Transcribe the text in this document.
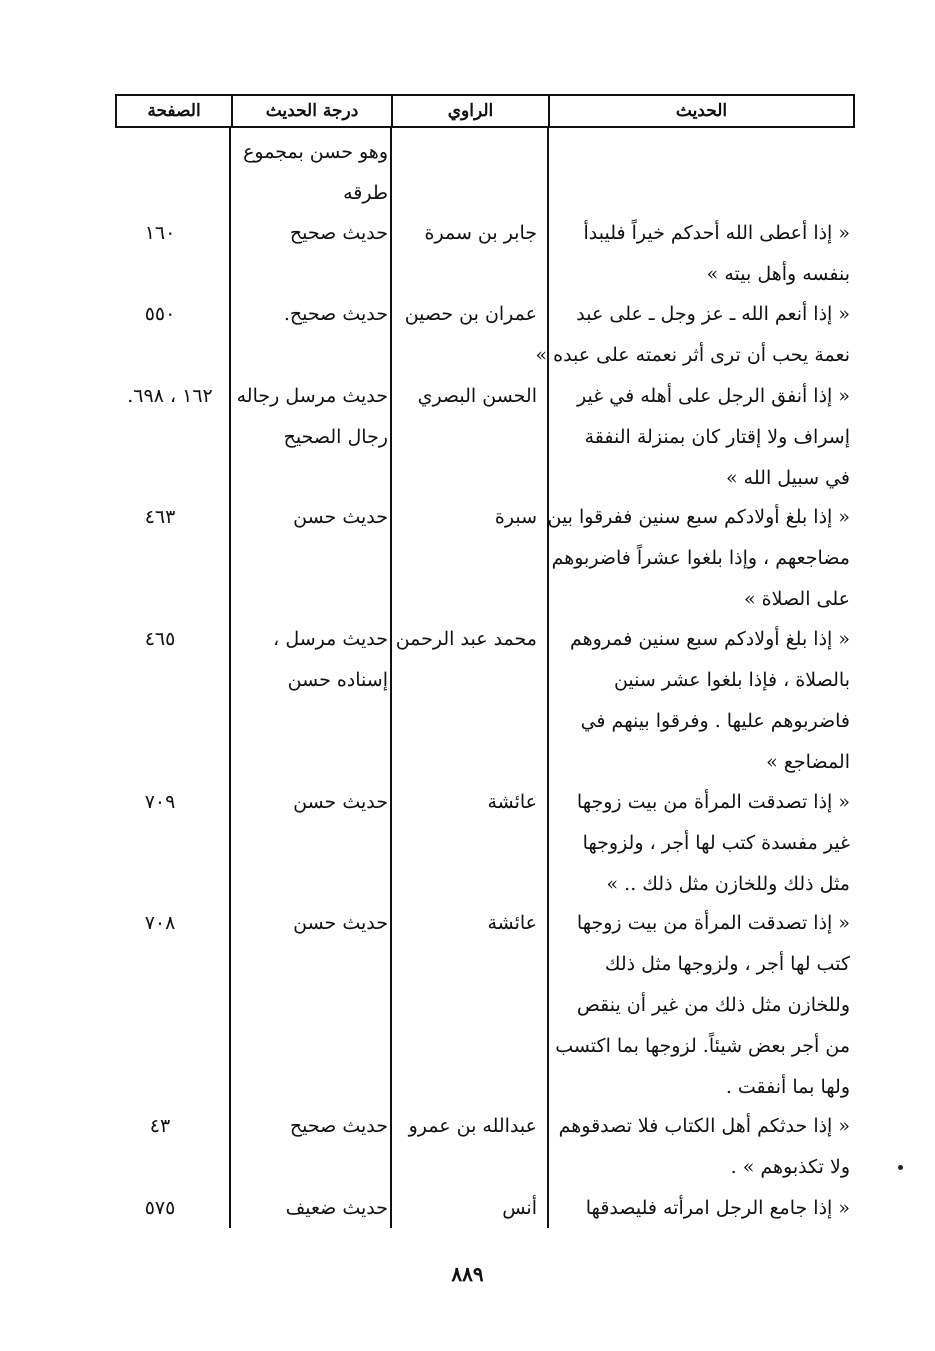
الحديث
الراوي
درجة الحديث
الصفحة
وهو حسن بمجموع
طرقه
« إذا أعطى الله أحدكم خيراً فليبدأ
بنفسه وأهل بيته »
جابر بن سمرة
حديث صحيح
١٦٠
« إذا أنعم الله ـ عز وجل ـ على عبد
نعمة يحب أن ترى أثر نعمته على عبده »
عمران بن حصين
حديث صحيح.
٥٥٠
« إذا أنفق الرجل على أهله في غير
إسراف ولا إقتار كان بمنزلة النفقة
في سبيل الله »
الحسن البصري
حديث مرسل رجاله
رجال الصحيح
١٦٢ ، ٦٩٨.
« إذا بلغ أولادكم سبع سنين ففرقوا بين
مضاجعهم ، وإذا بلغوا عشراً فاضربوهم
على الصلاة »
سبرة
حديث حسن
٤٦٣
« إذا بلغ أولادكم سبع سنين فمروهم
بالصلاة ، فإذا بلغوا عشر سنين
فاضربوهم عليها . وفرقوا بينهم في
المضاجع »
محمد عبد الرحمن
حديث مرسل ،
إسناده حسن
٤٦٥
« إذا تصدقت المرأة من بيت زوجها
غير مفسدة كتب لها أجر ، ولزوجها
مثل ذلك وللخازن مثل ذلك .. »
عائشة
حديث حسن
٧٠٩
« إذا تصدقت المرأة من بيت زوجها
كتب لها أجر ، ولزوجها مثل ذلك
وللخازن مثل ذلك من غير أن ينقص
من أجر بعض شيئاً. لزوجها بما اكتسب
ولها بما أنفقت .
عائشة
حديث حسن
٧٠٨
« إذا حدثكم أهل الكتاب فلا تصدقوهم
ولا تكذبوهم » .
عبدالله بن عمرو
حديث صحيح
٤٣
« إذا جامع الرجل امرأته فليصدقها
أنس
حديث ضعيف
٥٧٥
٨٨٩
